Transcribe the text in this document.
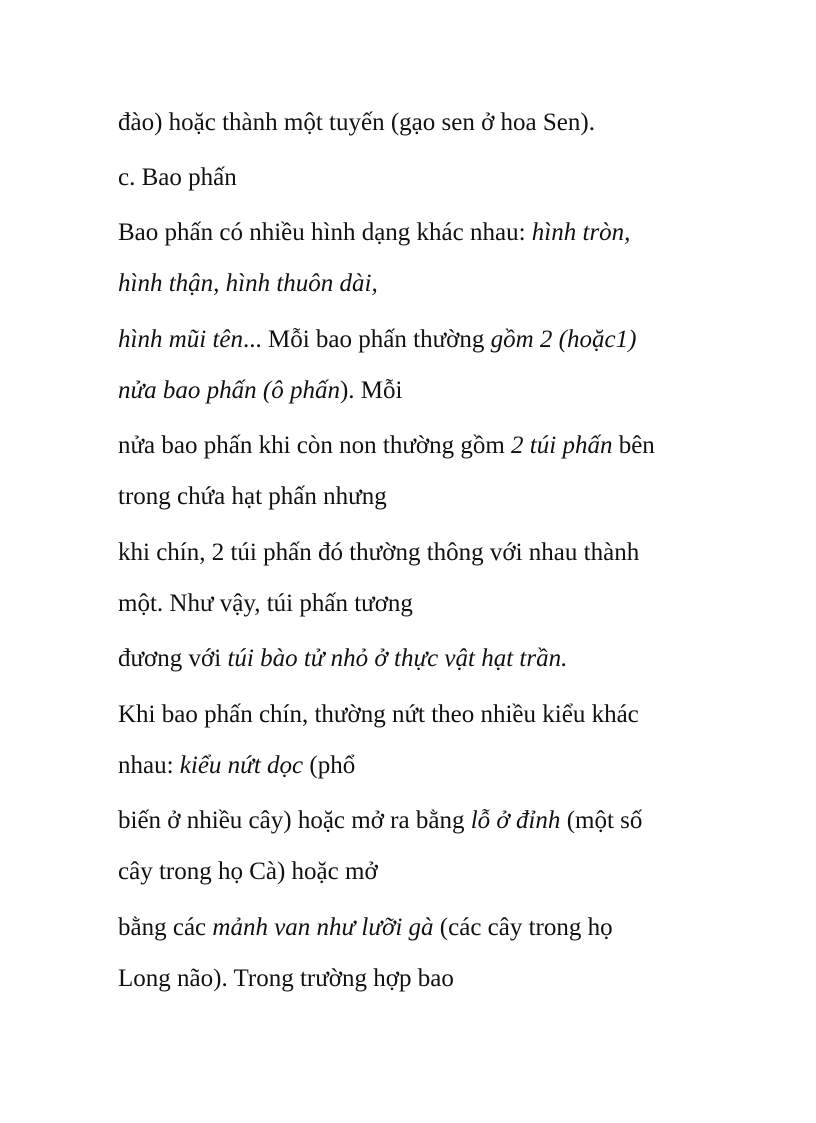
đào) hoặc thành một tuyến (gạo sen ở hoa Sen).
c. Bao phấn
Bao phấn có nhiều hình dạng khác nhau: hình tròn,
hình thận, hình thuôn dài,
hình mũi tên... Mỗi bao phấn thường gồm 2 (hoặc1)
nửa bao phấn (ô phấn). Mỗi
nửa bao phấn khi còn non thường gồm 2 túi phấn bên
trong chứa hạt phấn nhưng
khi chín, 2 túi phấn đó thường thông với nhau thành
một. Như vậy, túi phấn tương
đương với túi bào tử nhỏ ở thực vật hạt trần.
Khi bao phấn chín, thường nứt theo nhiều kiểu khác
nhau: kiểu nứt dọc (phổ
biến ở nhiều cây) hoặc mở ra bằng lỗ ở đỉnh (một số
cây trong họ Cà) hoặc mở
bằng các mảnh van như lưỡi gà (các cây trong họ
Long não). Trong trường hợp bao
